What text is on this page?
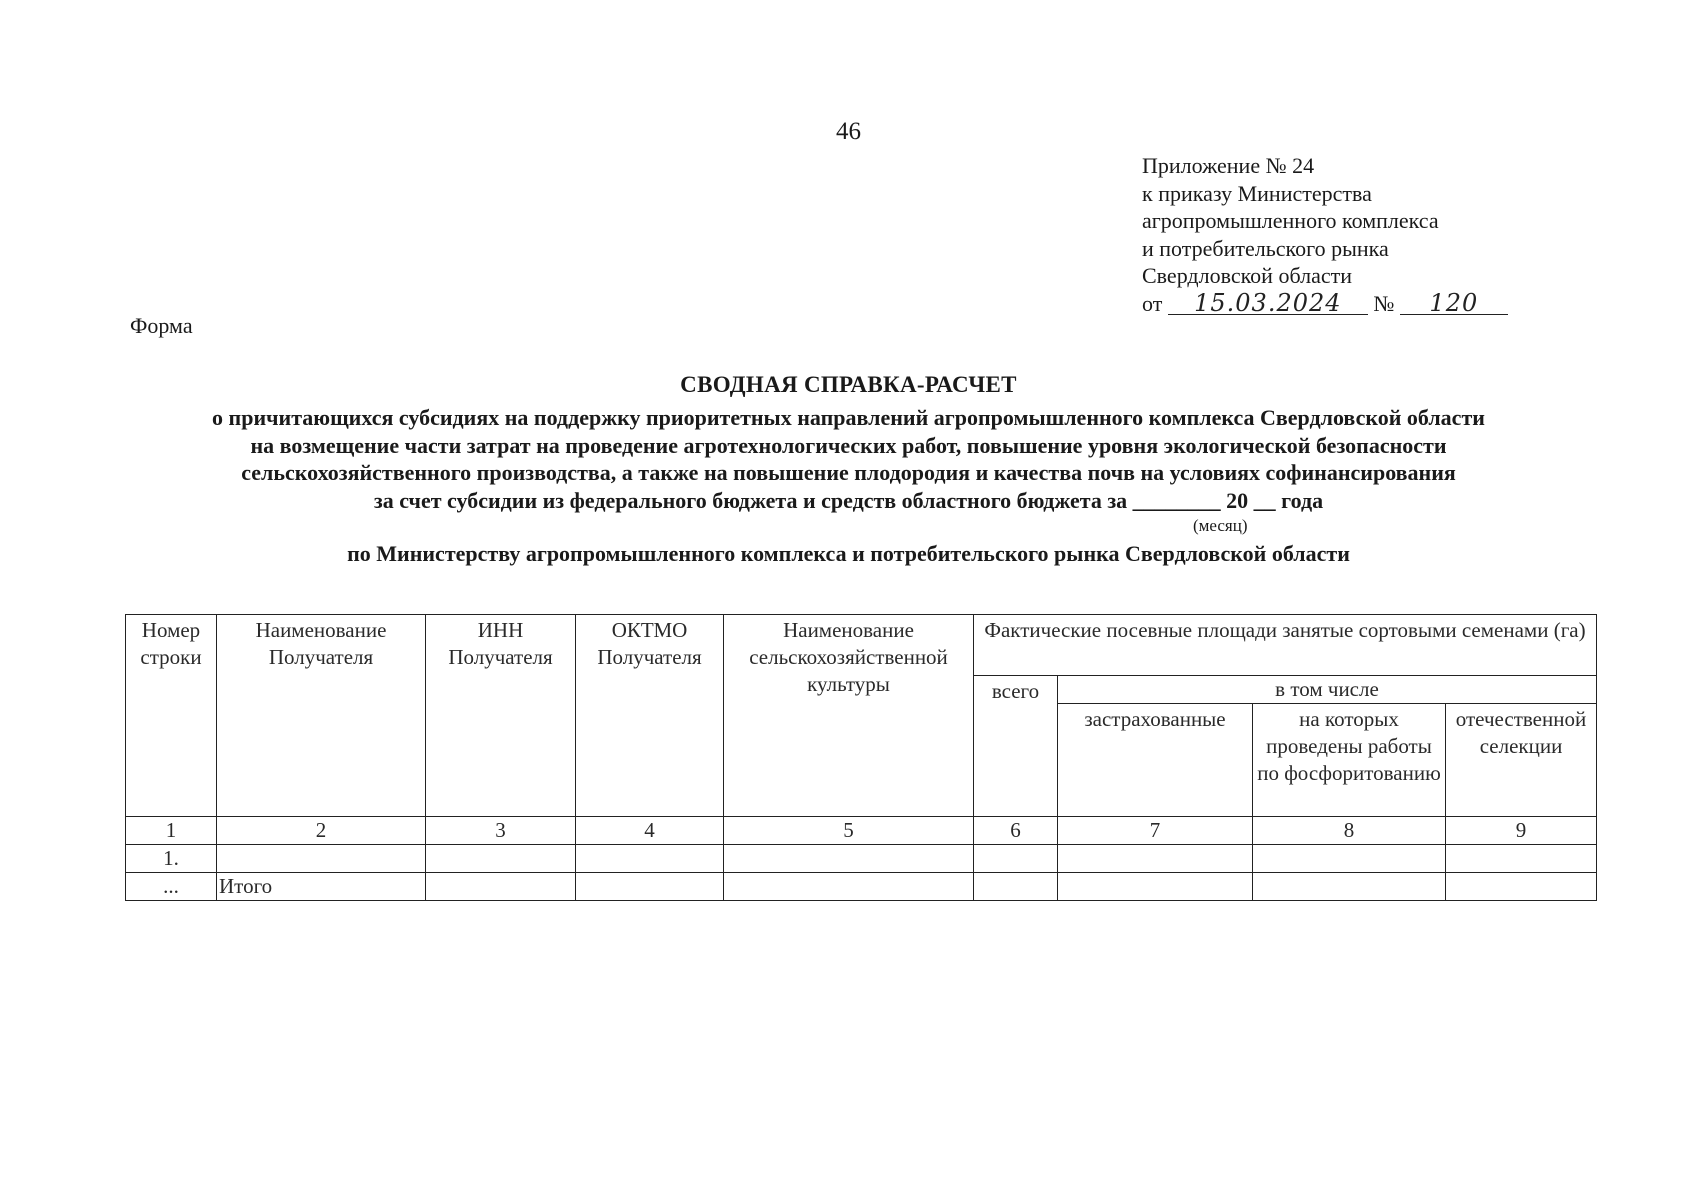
46
Приложение № 24
к приказу Министерства
агропромышленного комплекса
и потребительского рынка
Свердловской области
от 15.03.2024 № 120
Форма
СВОДНАЯ СПРАВКА-РАСЧЕТ
о причитающихся субсидиях на поддержку приоритетных направлений агропромышленного комплекса Свердловской области
на возмещение части затрат на проведение агротехнологических работ, повышение уровня экологической безопасности
сельскохозяйственного производства, а также на повышение плодородия и качества почв на условиях софинансирования
за счет субсидии из федерального бюджета и средств областного бюджета за ________ 20 __ года
(месяц)
по Министерству агропромышленного комплекса и потребительского рынка Свердловской области
Номер строки	Наименование Получателя	ИНН Получателя	ОКТМО Получателя	Наименование сельскохозяйственной культуры	Фактические посевные площади занятые сортовыми семенами (га)			
					всего	в том числе		
						застрахованные	на которых проведены работы по фосфоритованию	отечественной селекции
1	2	3	4	5	6	7	8	9
1.								
...	Итого							
